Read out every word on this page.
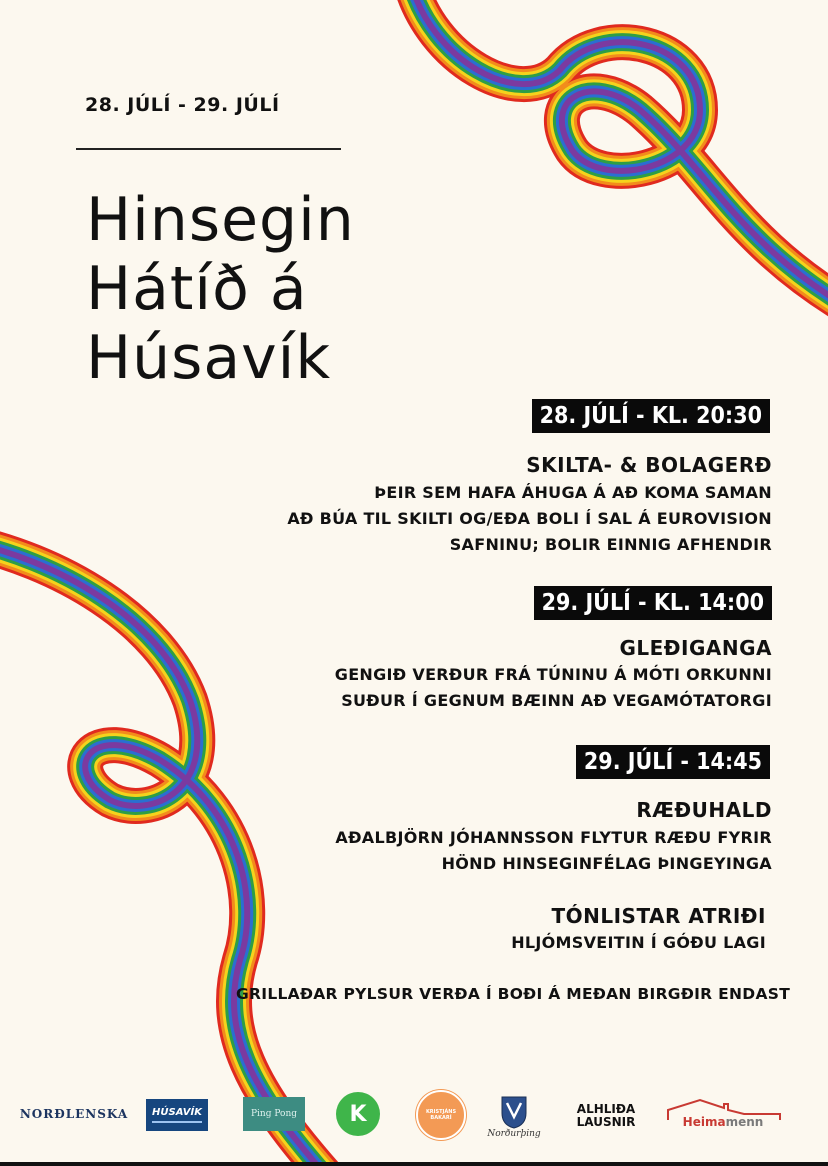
28. JÚLÍ - 29. JÚLÍ
Hinsegin
Hátíð á
Húsavík
28. JÚLÍ - KL. 20:30
SKILTA- & BOLAGERÐ
ÞEIR SEM HAFA ÁHUGA Á AÐ KOMA SAMAN
AÐ BÚA TIL SKILTI OG/EÐA BOLI Í SAL Á EUROVISION
SAFNINU; BOLIR EINNIG AFHENDIR
29. JÚLÍ - KL. 14:00
GLEÐIGANGA
GENGIÐ VERÐUR FRÁ TÚNINU Á MÓTI ORKUNNI
SUÐUR Í GEGNUM BÆINN AÐ VEGAMÓTATORGI
29. JÚLÍ - 14:45
RÆÐUHALD
AÐALBJÖRN JÓHANNSSON FLYTUR RÆÐU FYRIR
HÖND HINSEGINFÉLAG ÞINGEYINGA
TÓNLISTAR ATRIÐI
HLJÓMSVEITIN Í GÓÐU LAGI
GRILLAÐAR PYLSUR VERÐA Í BOÐI Á MEÐAN BIRGÐIR ENDAST
NORÐLENSKA HÚSAVÍK	Ping Pong K	KRISTJÁNS BAKARÍ
Norðurþing
ALHLIÐA
LAUSNIR	Heimamenn
